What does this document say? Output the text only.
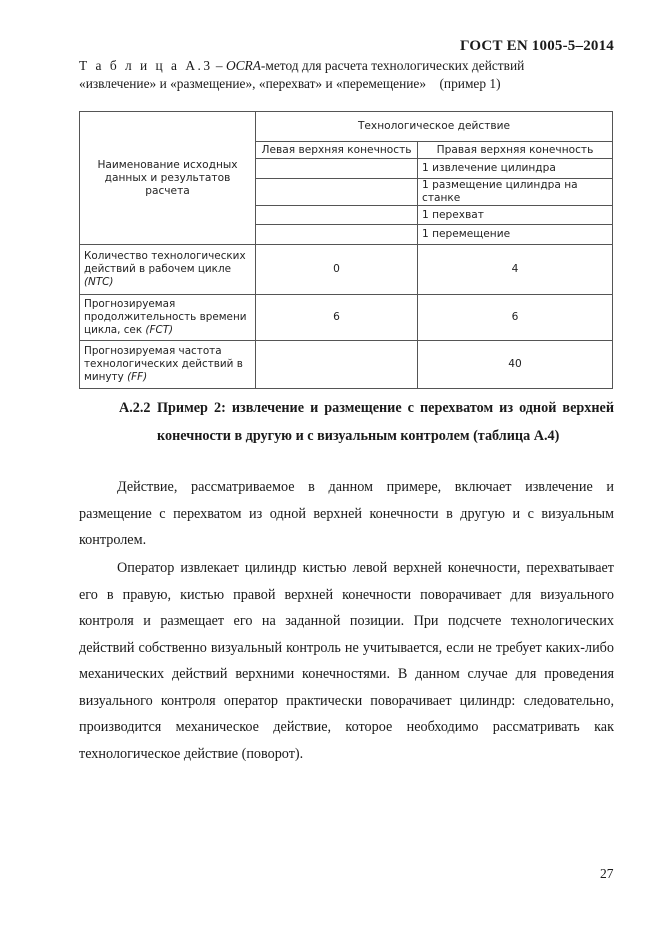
ГОСТ EN 1005-5–2014
Т а б л и ц а А.3 – OCRA-метод для расчета технологических действий
«извлечение» и «размещение», «перехват» и «перемещение»    (пример 1)
Наименование исходных данных и результатов расчета	Технологическое действие	
	Левая верхняя конечность	Правая верхняя конечность
		1 извлечение цилиндра
		1 размещение цилиндра на станке
		1 перехват
		1 перемещение
Количество технологических действий в рабочем цикле (NTC)	0	4
Прогнозируемая продолжительность времени цикла, сек (FCT)	6	6
Прогнозируемая частота технологических действий в минуту (FF)		40
А.2.2 Пример 2: извлечение и размещение с перехватом из одной верхней конечности в другую и с визуальным контролем (таблица А.4)
Действие, рассматриваемое в данном примере, включает извлечение и размещение с перехватом из одной верхней конечности в другую и с визуальным контролем.
Оператор извлекает цилиндр кистью левой верхней конечности, перехватывает его в правую, кистью правой верхней конечности поворачивает для визуального контроля и размещает его на заданной позиции. При подсчете технологических действий собственно визуальный контроль не учитывается, если не требует каких-либо механических действий верхними конечностями. В данном случае для проведения визуального контроля оператор практически поворачивает цилиндр: следовательно, производится механическое действие, которое необходимо рассматривать как технологическое действие (поворот).
27
